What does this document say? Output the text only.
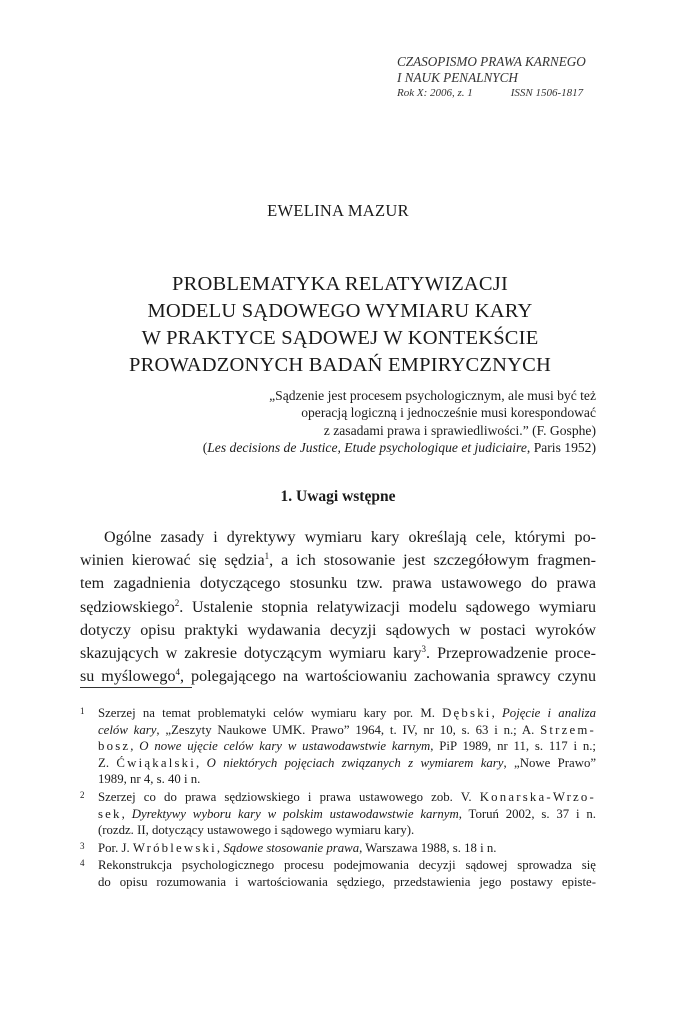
CZASOPISMO PRAWA KARNEGO
I NAUK PENALNYCH
Rok X: 2006, z. 1	ISSN 1506-1817
EWELINA MAZUR
PROBLEMATYKA RELATYWIZACJI
MODELU SĄDOWEGO WYMIARU KARY
W PRAKTYCE SĄDOWEJ W KONTEKŚCIE
PROWADZONYCH BADAŃ EMPIRYCZNYCH
„Sądzenie jest procesem psychologicznym, ale musi być też
operacją logiczną i jednocześnie musi korespondować
z zasadami prawa i sprawiedliwości.” (F. Gosphe)
(Les decisions de Justice, Etude psychologique et judiciaire, Paris 1952)
1. Uwagi wstępne
Ogólne zasady i dyrektywy wymiaru kary określają cele, którymi po-
winien kierować się sędzia$^1$, a ich stosowanie jest szczegółowym fragmen-
tem zagadnienia dotyczącego stosunku tzw. prawa ustawowego do prawa
sędziowskiego$^2$. Ustalenie stopnia relatywizacji modelu sądowego wymiaru
dotyczy opisu praktyki wydawania decyzji sądowych w postaci wyroków
skazujących w zakresie dotyczącym wymiaru kary$^3$. Przeprowadzenie proce-
su myślowego$^4$, polegającego na wartościowaniu zachowania sprawcy czynu
1 Szerzej na temat problematyki celów wymiaru kary por. M. Dębski, Pojęcie i analiza
celów kary, „Zeszyty Naukowe UMK. Prawo” 1964, t. IV, nr 10, s. 63 i n.; A. Strzem-
bosz, O nowe ujęcie celów kary w ustawodawstwie karnym, PiP 1989, nr 11, s. 117 i n.;
Z. Ćwiąkalski, O niektórych pojęciach związanych z wymiarem kary, „Nowe Prawo”
1989, nr 4, s. 40 i n.
2 Szerzej co do prawa sędziowskiego i prawa ustawowego zob. V. Konarska-Wrzo-
sek, Dyrektywy wyboru kary w polskim ustawodawstwie karnym, Toruń 2002, s. 37 i n.
(rozdz. II, dotyczący ustawowego i sądowego wymiaru kary).
3 Por. J. Wróblewski, Sądowe stosowanie prawa, Warszawa 1988, s. 18 i n.
4 Rekonstrukcja psychologicznego procesu podejmowania decyzji sądowej sprowadza się
do opisu rozumowania i wartościowania sędziego, przedstawienia jego postawy episte-
